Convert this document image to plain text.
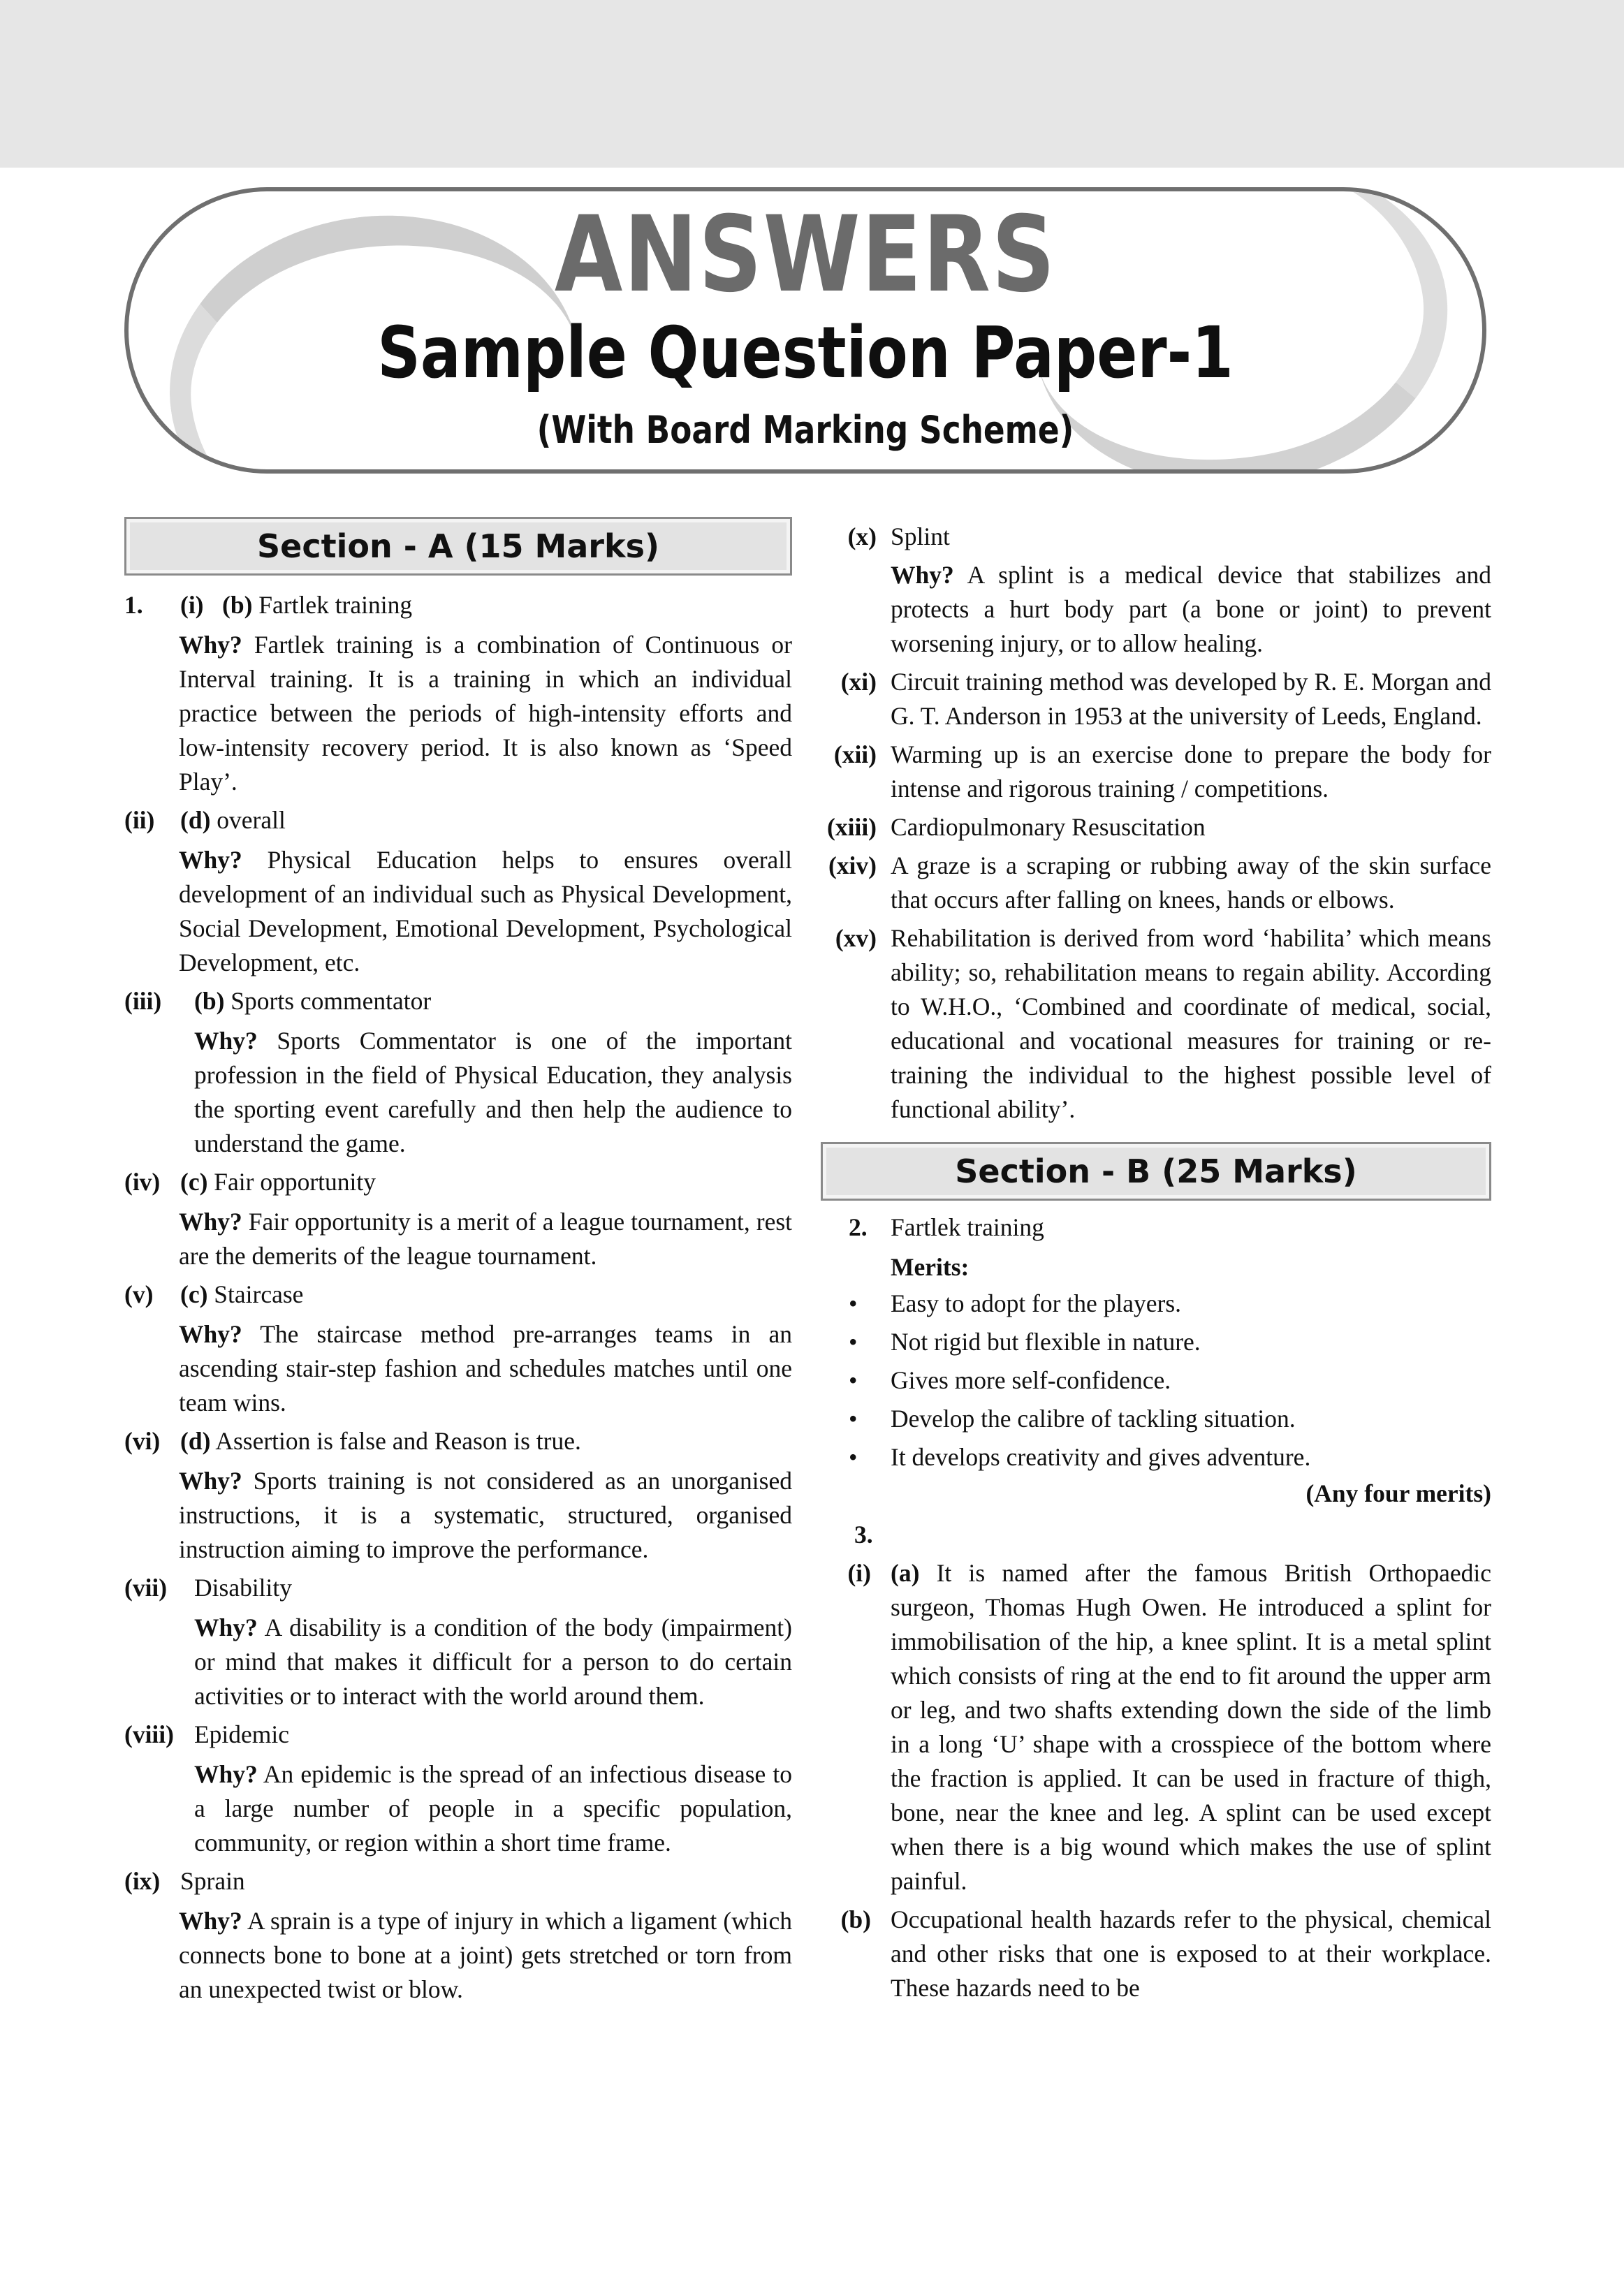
ANSWERS
Sample Question Paper-1
(With Board Marking Scheme)
Section - A (15 Marks)
1. (i) (b) Fartlek training
Why? Fartlek training is a combination of Continuous or Interval training. It is a training in which an individual practice between the periods of high-intensity efforts and low-intensity recovery period. It is also known as ‘Speed Play’.
(ii)	(d) overall
Why? Physical Education helps to ensures overall development of an individual such as Physical Development, Social Development, Emotional Development, Psychological Development, etc.
(iii)	(b) Sports commentator
Why? Sports Commentator is one of the important profession in the field of Physical Education, they analysis the sporting event carefully and then help the audience to understand the game.
(iv) (c) Fair opportunity
Why? Fair opportunity is a merit of a league tournament, rest are the demerits of the league tournament.
(v)	(c) Staircase
Why? The staircase method pre-arranges teams in an ascending stair-step fashion and schedules matches until one team wins.
(vi) (d) Assertion is false and Reason is true.
Why? Sports training is not considered as an unorganised instructions, it is a systematic, structured, organised instruction aiming to improve the performance.
(vii)	Disability
Why? A disability is a condition of the body (impairment) or mind that makes it difficult for a person to do certain activities or to interact with the world around them.
(viii) Epidemic
Why? An epidemic is the spread of an infectious disease to a large number of people in a specific population, community, or region within a short time frame.
(ix) Sprain
Why? A sprain is a type of injury in which a ligament (which connects bone to bone at a joint) gets stretched or torn from an unexpected twist or blow.
(x) Splint
Why? A splint is a medical device that stabilizes and protects a hurt body part (a bone or joint) to prevent worsening injury, or to allow healing.
(xi) Circuit training method was developed by R. E. Morgan and G. T. Anderson in 1953 at the university of Leeds, England.
(xii) Warming up is an exercise done to prepare the body for intense and rigorous training / competitions.
(xiii) Cardiopulmonary Resuscitation
(xiv) A graze is a scraping or rubbing away of the skin surface that occurs after falling on knees, hands or elbows.
(xv) Rehabilitation is derived from word ‘habilita’ which means ability; so, rehabilitation means to regain ability. According to W.H.O., ‘Combined and coordinate of medical, social, educational and vocational measures for training or re-training the individual to the highest possible level of functional ability’.
Section - B (25 Marks)
2. Fartlek training
Merits:
• Easy to adopt for the players.
• Not rigid but flexible in nature.
• Gives more self-confidence.
• Develop the calibre of tackling situation.
• It develops creativity and gives adventure.
(Any four merits)
3.
(i) (a) It is named after the famous British Orthopaedic surgeon, Thomas Hugh Owen. He introduced a splint for immobilisation of the hip, a knee splint. It is a metal splint which consists of ring at the end to fit around the upper arm or leg, and two shafts extending down the side of the limb in a long ‘U’ shape with a crosspiece of the bottom where the fraction is applied. It can be used in fracture of thigh, bone, near the knee and leg. A splint can be used except when there is a big wound which makes the use of splint painful.
(b) Occupational health hazards refer to the physical, chemical and other risks that one is exposed to at their workplace. These hazards need to be
